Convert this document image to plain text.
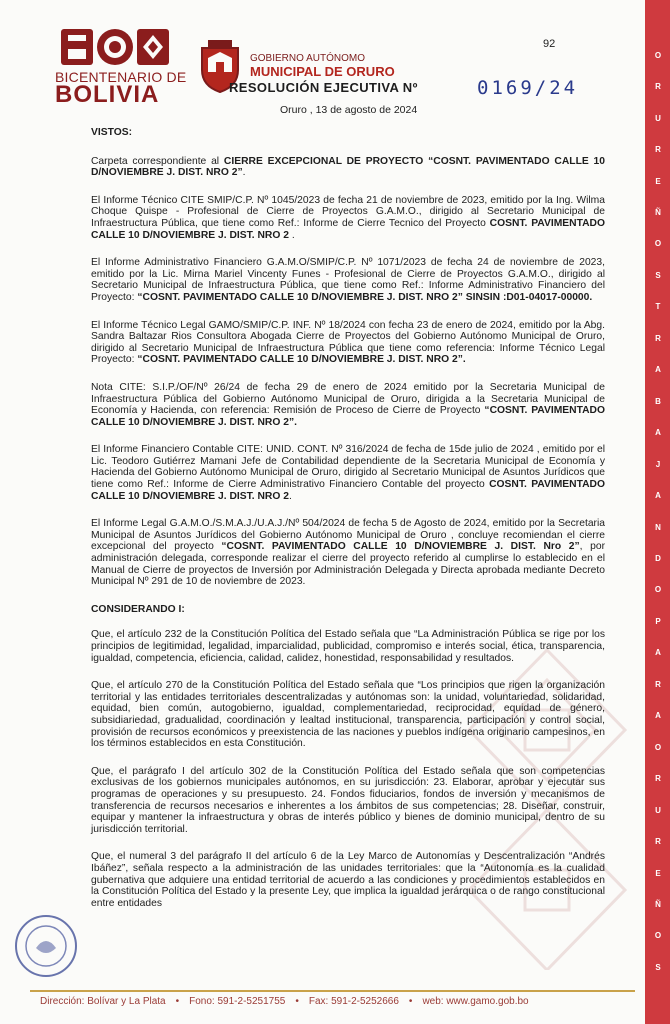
BICENTENARIO DE
BOLIVIA
GOBIERNO AUTÓNOMO
MUNICIPAL DE ORURO
RESOLUCIÓN EJECUTIVA Nº	0169/24
92
Oruro , 13 de agosto de 2024
VISTOS:
Carpeta correspondiente al CIERRE EXCEPCIONAL DE PROYECTO “COSNT. PAVIMENTADO CALLE 10 D/NOVIEMBRE J. DIST. NRO 2”.
El Informe Técnico CITE SMIP/C.P. Nº 1045/2023 de fecha 21 de noviembre de 2023, emitido por la Ing. Wilma Choque Quispe - Profesional de Cierre de Proyectos G.A.M.O., dirigido al Secretario Municipal de Infraestructura Pública, que tiene como Ref.: Informe de Cierre Tecnico del Proyecto COSNT. PAVIMENTADO CALLE 10 D/NOVIEMBRE J. DIST. NRO 2 .
El Informe Administrativo Financiero G.A.M.O/SMIP/C.P. Nº 1071/2023 de fecha 24 de noviembre de 2023, emitido por la Lic. Mirna Mariel Vincenty Funes - Profesional de Cierre de Proyectos G.A.M.O., dirigido al Secretario Municipal de Infraestructura Pública, que tiene como Ref.: Informe Administrativo Financiero del Proyecto: “COSNT. PAVIMENTADO CALLE 10 D/NOVIEMBRE J. DIST. NRO 2” SINSIN :D01-04017-00000.
El Informe Técnico Legal GAMO/SMIP/C.P. INF. Nº 18/2024 con fecha 23 de enero de 2024, emitido por la Abg. Sandra Baltazar Rios Consultora Abogada Cierre de Proyectos del Gobierno Autónomo Municipal de Oruro, dirigido al Secretario Municipal de Infraestructura Pública que tiene como referencia: Informe Técnico Legal Proyecto: “COSNT. PAVIMENTADO CALLE 10 D/NOVIEMBRE J. DIST. NRO 2”.
Nota CITE: S.I.P./OF/Nº 26/24 de fecha 29 de enero de 2024 emitido por la Secretaria Municipal de Infraestructura Pública del Gobierno Autónomo Municipal de Oruro, dirigida a la Secretaria Municipal de Economía y Hacienda, con referencia: Remisión de Proceso de Cierre de Proyecto “COSNT. PAVIMENTADO CALLE 10 D/NOVIEMBRE J. DIST. NRO 2”.
El Informe Financiero Contable CITE: UNID. CONT. Nº 316/2024 de fecha de 15de julio de 2024 , emitido por el Lic. Teodoro Gutiérrez Mamani Jefe de Contabilidad dependiente de la Secretaria Municipal de Economía y Hacienda del Gobierno Autónomo Municipal de Oruro, dirigido al Secretario Municipal de Asuntos Jurídicos que tiene como Ref.: Informe de Cierre Administrativo Financiero Contable del proyecto COSNT. PAVIMENTADO CALLE 10 D/NOVIEMBRE J. DIST. NRO 2.
El Informe Legal G.A.M.O./S.M.A.J./U.A.J./Nº 504/2024 de fecha 5 de Agosto de 2024, emitido por la Secretaria Municipal de Asuntos Jurídicos del Gobierno Autónomo Municipal de Oruro , concluye recomiendan el cierre excepcional del proyecto “COSNT. PAVIMENTADO CALLE 10 D/NOVIEMBRE J. DIST. Nro 2”, por administración delegada, corresponde realizar el cierre del proyecto referido al cumplirse lo establecido en el Manual de Cierre de proyectos de Inversión por Administración Delegada y Directa aprobada mediante Decreto Municipal Nº 291 de 10 de noviembre de 2023.
CONSIDERANDO I:
Que, el artículo 232 de la Constitución Política del Estado señala que “La Administración Pública se rige por los principios de legitimidad, legalidad, imparcialidad, publicidad, compromiso e interés social, ética, transparencia, igualdad, competencia, eficiencia, calidad, calidez, honestidad, responsabilidad y resultados.
Que, el artículo 270 de la Constitución Política del Estado señala que “Los principios que rigen la organización territorial y las entidades territoriales descentralizadas y autónomas son: la unidad, voluntariedad, solidaridad, equidad, bien común, autogobierno, igualdad, complementariedad, reciprocidad, equidad de género, subsidiariedad, gradualidad, coordinación y lealtad institucional, transparencia, participación y control social, provisión de recursos económicos y preexistencia de las naciones y pueblos indígena originario campesinos, en los términos establecidos en esta Constitución.
Que, el parágrafo I del artículo 302 de la Constitución Política del Estado señala que son competencias exclusivas de los gobiernos municipales autónomos, en su jurisdicción: 23. Elaborar, aprobar y ejecutar sus programas de operaciones y su presupuesto. 24. Fondos fiduciarios, fondos de inversión y mecanismos de transferencia de recursos necesarios e inherentes a los ámbitos de sus competencias; 28. Diseñar, construir, equipar y mantener la infraestructura y obras de interés público y bienes de dominio municipal, dentro de su jurisdicción territorial.
Que, el numeral 3 del parágrafo II del artículo 6 de la Ley Marco de Autonomías y Descentralización “Andrés Ibáñez”, señala respecto a la administración de las unidades territoriales: que la “Autonomía es la cualidad gubernativa que adquiere una entidad territorial de acuerdo a las condiciones y procedimientos establecidos en la Constitución Política del Estado y la presente Ley, que implica la igualdad jerárquica o de rango constitucional entre entidades
O
R
U
R
E
Ñ
O
S
T
R
A
B
A
J
A
N
D
O
P
A
R
A
O
R
U
R
E
Ñ
O
S
Dirección: Bolívar y La Plata • Fono: 591-2-5251755 • Fax: 591-2-5252666 • web: www.gamo.gob.bo
